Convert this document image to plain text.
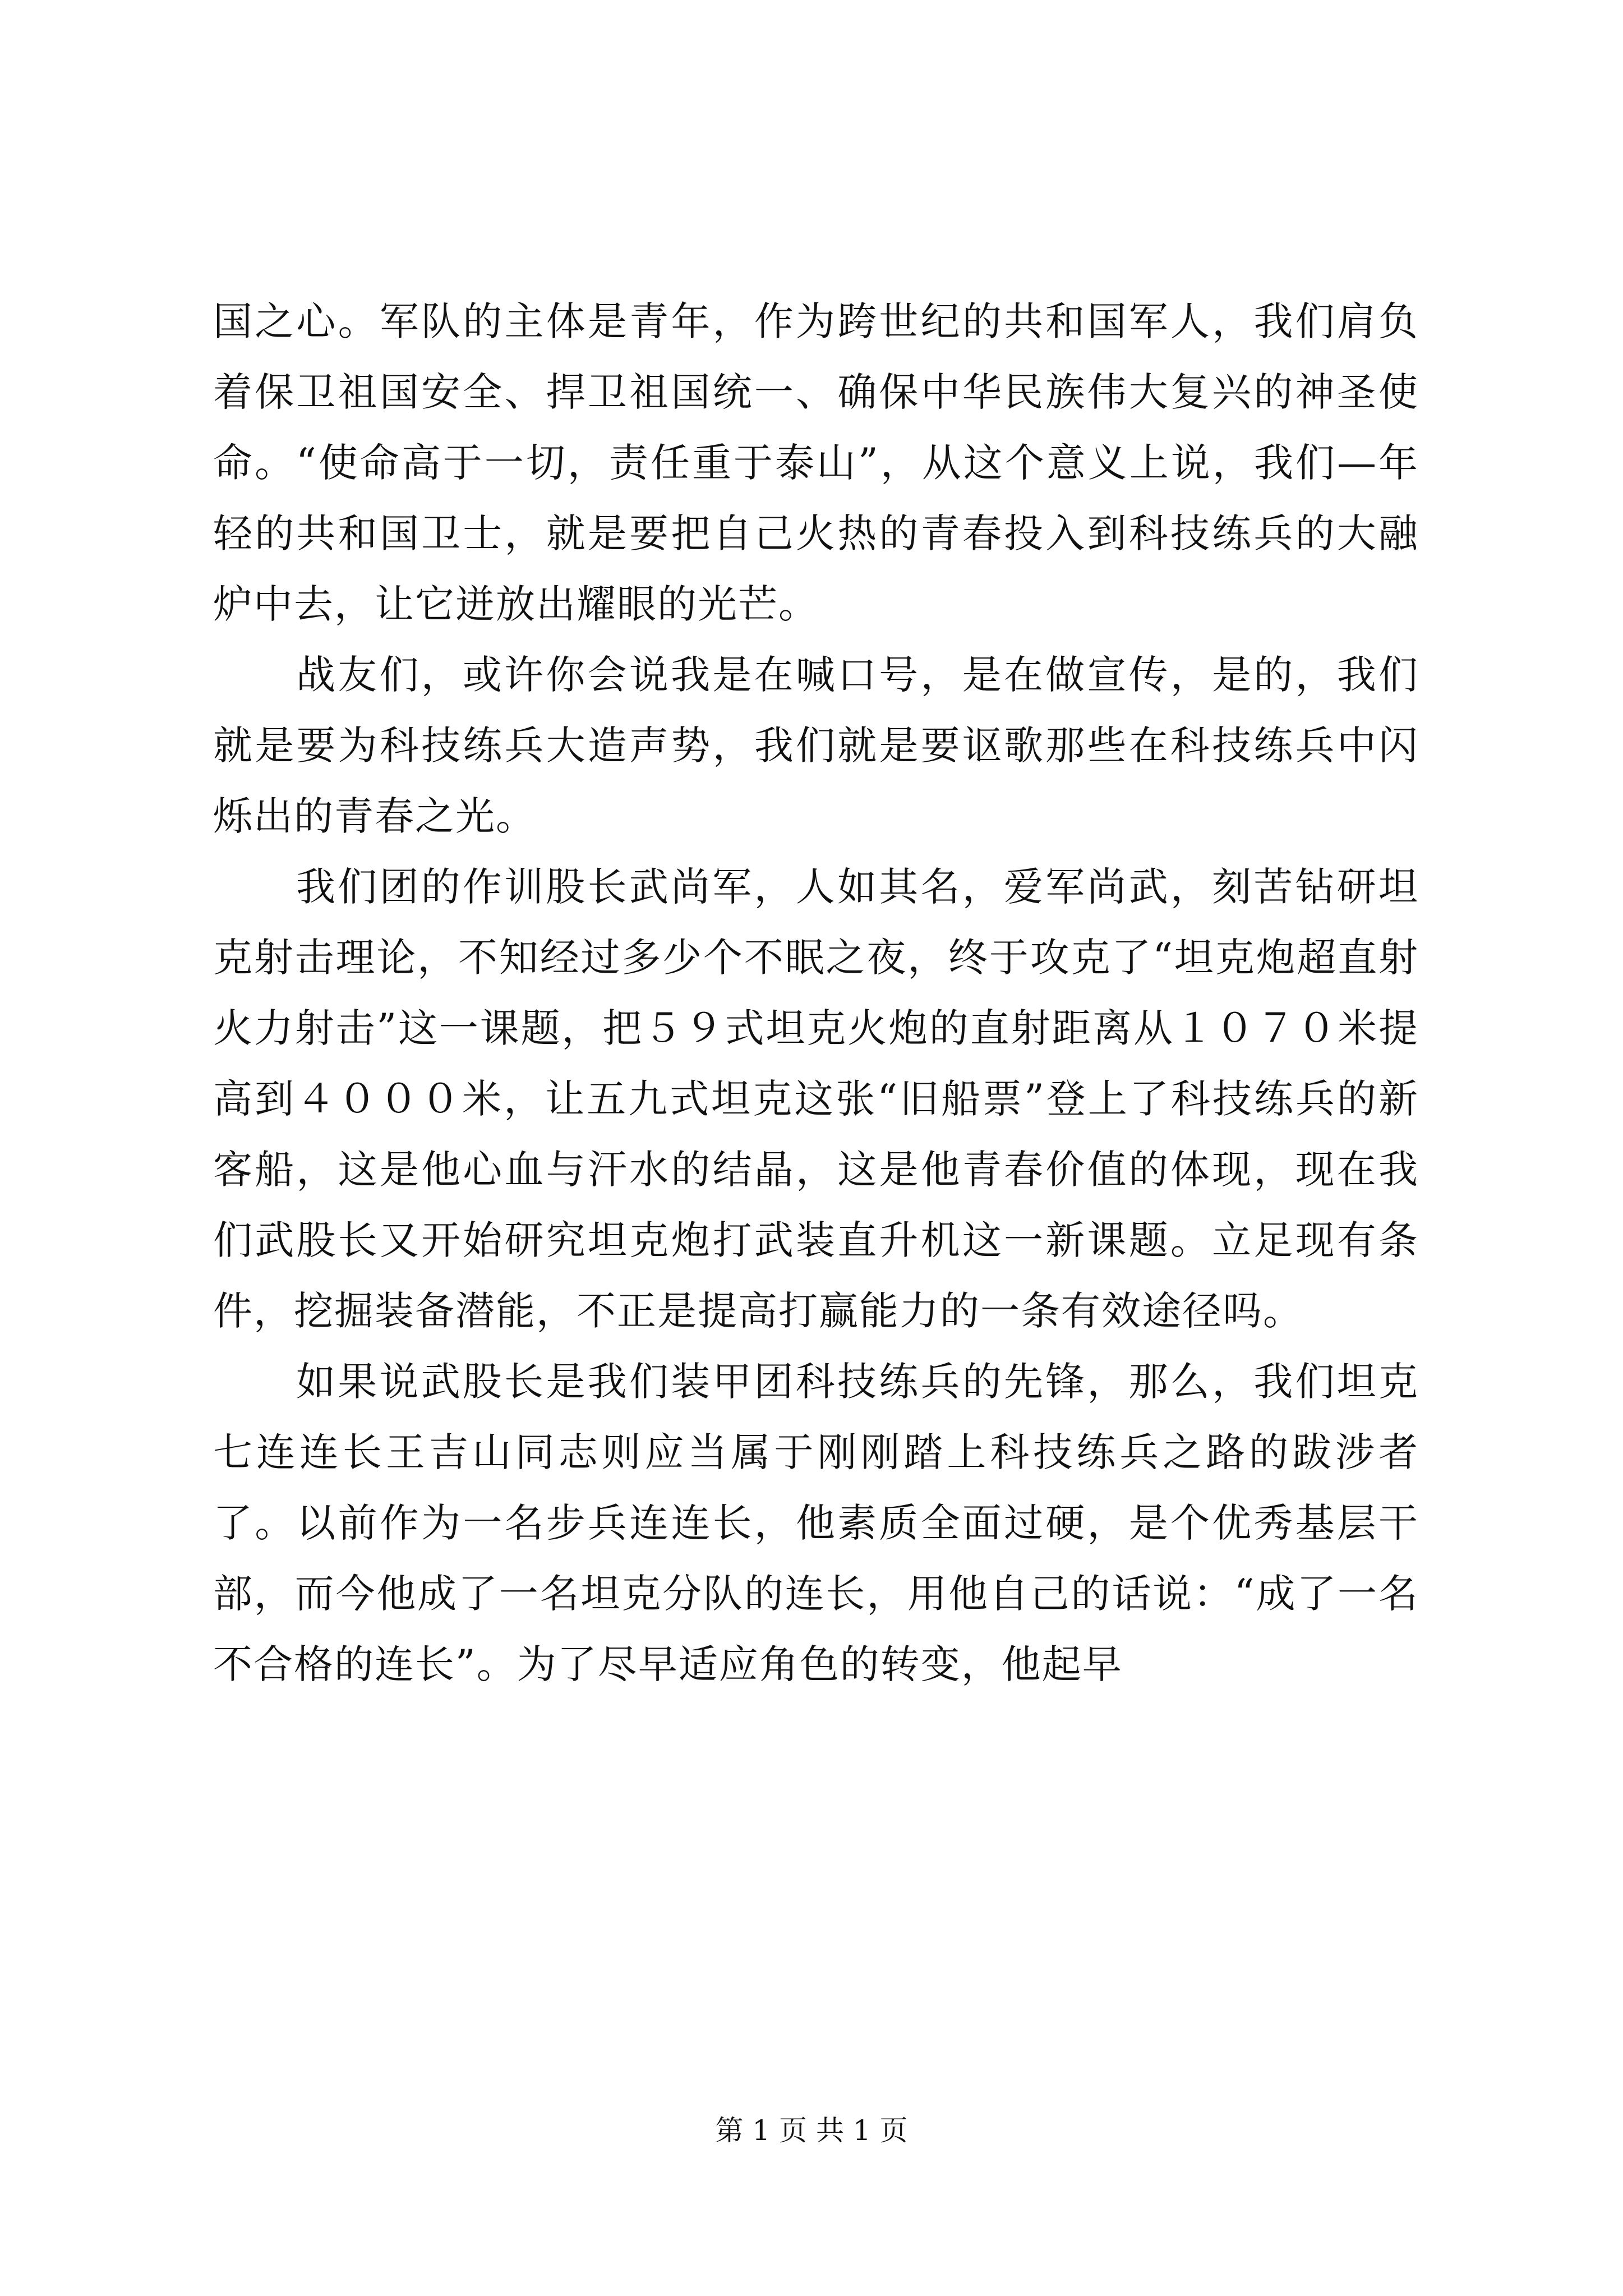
国之心。军队的主体是青年，作为跨世纪的共和国军人，我们肩负着保卫祖国安全、捍卫祖国统一、确保中华民族伟大复兴的神圣使命。“使命高于一切，责任重于泰山”，从这个意义上说，我们—年轻的共和国卫士，就是要把自己火热的青春投入到科技练兵的大融炉中去，让它迸放出耀眼的光芒。

战友们，或许你会说我是在喊口号，是在做宣传，是的，我们就是要为科技练兵大造声势，我们就是要讴歌那些在科技练兵中闪烁出的青春之光。

我们团的作训股长武尚军，人如其名，爱军尚武，刻苦钻研坦克射击理论，不知经过多少个不眠之夜，终于攻克了“坦克炮超直射火力射击”这一课题，把５９式坦克火炮的直射距离从１０７０米提高到４０００米，让五九式坦克这张“旧船票”登上了科技练兵的新客船，这是他心血与汗水的结晶，这是他青春价值的体现，现在我们武股长又开始研究坦克炮打武装直升机这一新课题。立足现有条件，挖掘装备潜能，不正是提高打赢能力的一条有效途径吗。

如果说武股长是我们装甲团科技练兵的先锋，那么，我们坦克七连连长王吉山同志则应当属于刚刚踏上科技练兵之路的跋涉者了。以前作为一名步兵连连长，他素质全面过硬，是个优秀基层干部，而今他成了一名坦克分队的连长，用他自己的话说：“成了一名不合格的连长”。为了尽早适应角色的转变，他起早

第 1 页 共 1 页
